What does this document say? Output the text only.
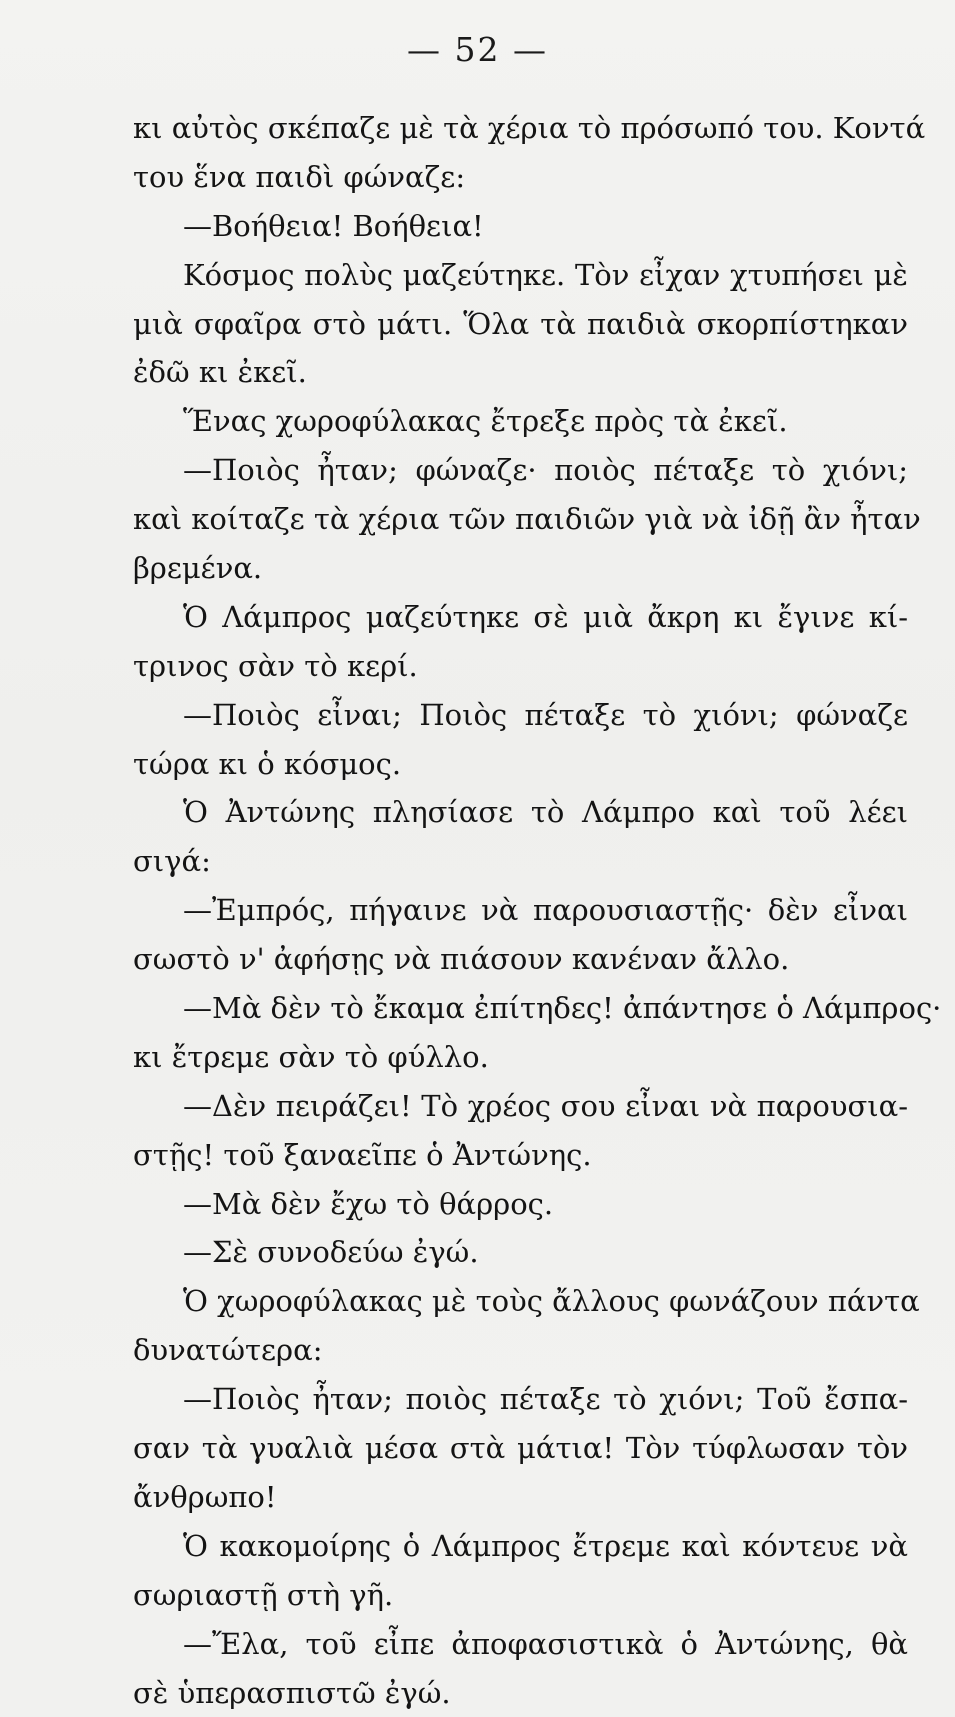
— 52 —
κι αὐτὸς σκέπαζε μὲ τὰ χέρια τὸ πρόσωπό του. Κοντά
του ἕνα παιδὶ φώναζε:
—Βοήθεια! Βοήθεια!
Κόσμος πολὺς μαζεύτηκε. Τὸν εἶχαν χτυπήσει μὲ
μιὰ σφαῖρα στὸ μάτι. Ὅλα τὰ παιδιὰ σκορπίστηκαν
ἐδῶ κι ἐκεῖ.
Ἕνας χωροφύλακας ἔτρεξε πρὸς τὰ ἐκεῖ.
—Ποιὸς ἦταν; φώναζε· ποιὸς πέταξε τὸ χιόνι;
καὶ κοίταζε τὰ χέρια τῶν παιδιῶν γιὰ νὰ ἰδῇ ἂν ἦταν
βρεμένα.
Ὁ Λάμπρος μαζεύτηκε σὲ μιὰ ἄκρη κι ἔγινε κί-
τρινος σὰν τὸ κερί.
—Ποιὸς εἶναι; Ποιὸς πέταξε τὸ χιόνι; φώναζε
τώρα κι ὁ κόσμος.
Ὁ Ἀντώνης πλησίασε τὸ Λάμπρο καὶ τοῦ λέει
σιγά:
—Ἐμπρός, πήγαινε νὰ παρουσιαστῇς· δὲν εἶναι
σωστὸ ν' ἀφήσῃς νὰ πιάσουν κανέναν ἄλλο.
—Μὰ δὲν τὸ ἔκαμα ἐπίτηδες! ἀπάντησε ὁ Λάμπρος·
κι ἔτρεμε σὰν τὸ φύλλο.
—Δὲν πειράζει! Τὸ χρέος σου εἶναι νὰ παρουσια-
στῇς! τοῦ ξαναεῖπε ὁ Ἀντώνης.
—Μὰ δὲν ἔχω τὸ θάρρος.
—Σὲ συνοδεύω ἐγώ.
Ὁ χωροφύλακας μὲ τοὺς ἄλλους φωνάζουν πάντα
δυνατώτερα:
—Ποιὸς ἦταν; ποιὸς πέταξε τὸ χιόνι; Τοῦ ἔσπα-
σαν τὰ γυαλιὰ μέσα στὰ μάτια! Τὸν τύφλωσαν τὸν
ἄνθρωπο!
Ὁ κακομοίρης ὁ Λάμπρος ἔτρεμε καὶ κόντευε νὰ
σωριαστῇ στὴ γῆ.
—Ἔλα, τοῦ εἶπε ἀποφασιστικὰ ὁ Ἀντώνης, θὰ
σὲ ὑπερασπιστῶ ἐγώ.
